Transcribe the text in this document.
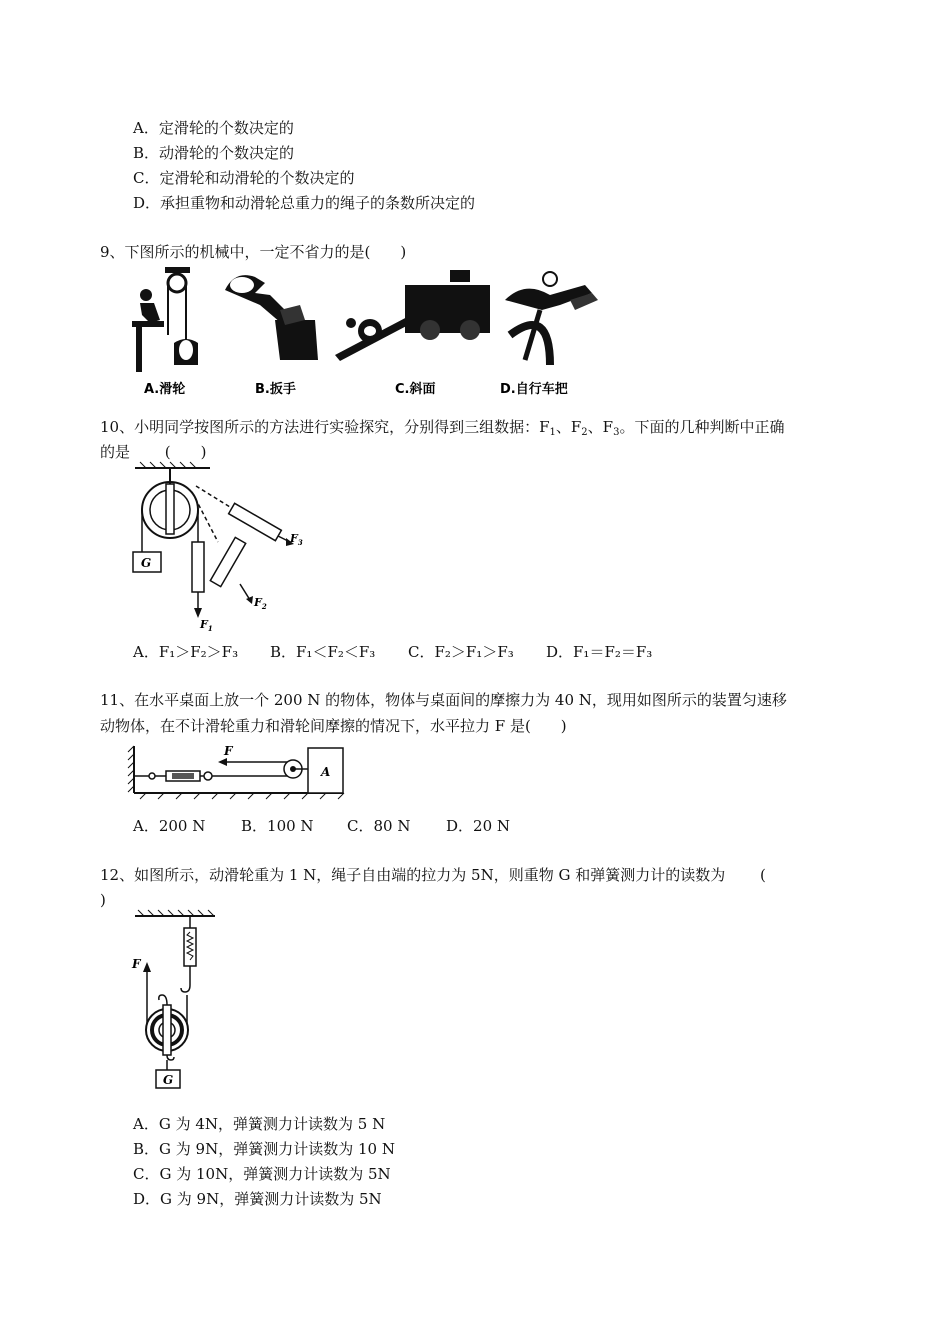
A．定滑轮的个数决定的
B．动滑轮的个数决定的
C．定滑轮和动滑轮的个数决定的
D．承担重物和动滑轮总重力的绳子的条数所决定的
9、下图所示的机械中，一定不省力的是(　　)
A.滑轮	B.扳手	C.斜面	D.自行车把
10、小明同学按图所示的方法进行实验探究，分别得到三组数据：$F_1$、$F_2$、$F_3$。下面的几种判断中正确
的是　　 (　　)
G
$F_1$
$F_2$
$F_3$
A．F₁＞F₂＞F₃ B．F₁＜F₂＜F₃ C．F₂＞F₁＞F₃ D．F₁＝F₂＝F₃
11、在水平桌面上放一个 200 N 的物体，物体与桌面间的摩擦力为 40 N，现用如图所示的装置匀速移
动物体，在不计滑轮重力和滑轮间摩擦的情况下，水平拉力 F 是(　　)
F
A
A．200 N B．100 N C．80 N D．20 N
12、如图所示，动滑轮重为 1 N，绳子自由端的拉力为 5N，则重物 G 和弹簧测力计的读数为　　 (
)
F
G
A．G 为 4N，弹簧测力计读数为 5 N
B．G 为 9N，弹簧测力计读数为 10 N
C．G 为 10N，弹簧测力计读数为 5N
D．G 为 9N，弹簧测力计读数为 5N
